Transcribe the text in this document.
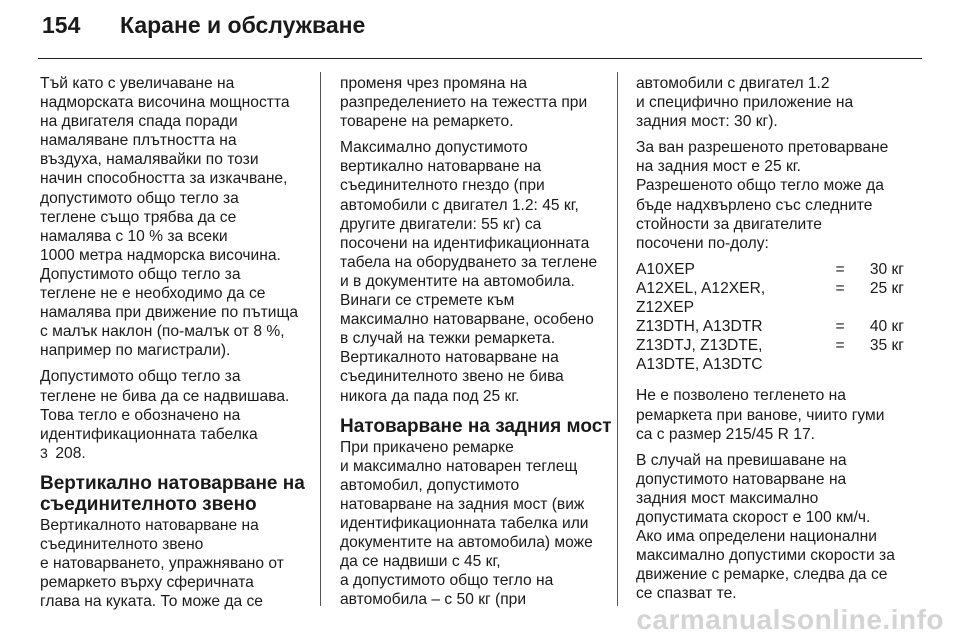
154	Каране и обслужване

Тъй като с увеличаване на
надморската височина мощността
на двигателя спада поради
намаляване плътността на
въздуха, намалявайки по този
начин способността за изкачване,
допустимото общо тегло за
теглене също трябва да се
намалява с 10 % за всеки
1000 метра надморска височина.
Допустимото общо тегло за
теглене не е необходимо да се
намалява при движение по пътища
с малък наклон (по-малък от 8 %,
например по магистрали).

Допустимото общо тегло за
теглене не бива да се надвишава.
Това тегло е обозначено на
идентификационната табелка
3 208.

Вертикално натоварване на
съединителното звено

Вертикалното натоварване на
съединителното звено
е натоварването, упражнявано от
ремаркето върху сферичната
глава на куката. То може да се

променя чрез промяна на
разпределението на тежестта при
товарене на ремаркето.

Максимално допустимото
вертикално натоварване на
съединителното гнездо (при
автомобили с двигател 1.2: 45 кг,
другите двигатели: 55 кг) са
посочени на идентификационната
табела на оборудването за теглене
и в документите на автомобила.
Винаги се стремете към
максимално натоварване, особено
в случай на тежки ремаркета.
Вертикалното натоварване на
съединителното звено не бива
никога да пада под 25 кг.

Натоварване на задния мост

При прикачено ремарке
и максимално натоварен теглещ
автомобил, допустимото
натоварване на задния мост (виж
идентификационната табелка или
документите на автомобила) може
да се надвиши с 45 кг,
а допустимото общо тегло на
автомобила – с 50 кг (при

автомобили с двигател 1.2
и специфично приложение на
задния мост: 30 кг).

За ван разрешеното претоварване
на задния мост е 25 кг.
Разрешеното общо тегло може да
бъде надхвърлено със следните
стойности за двигателите
посочени по-долу:

A10XEP	=	30 кг

A12XEL, A12XER,
Z12XEP	=	25 кг

Z13DTH, A13DTR	=	40 кг

Z13DTJ, Z13DTE,
A13DTE, A13DTC	=	35 кг

Не е позволено тегленето на
ремаркета при ванове, чиито гуми
са с размер 215/45 R 17.

В случай на превишаване на
допустимото натоварване на
задния мост максимално
допустимата скорост е 100 км/ч.
Ако има определени национални
максимално допустими скорости за
движение с ремарке, следва да се
се спазват те.

carmanualsonline.info
